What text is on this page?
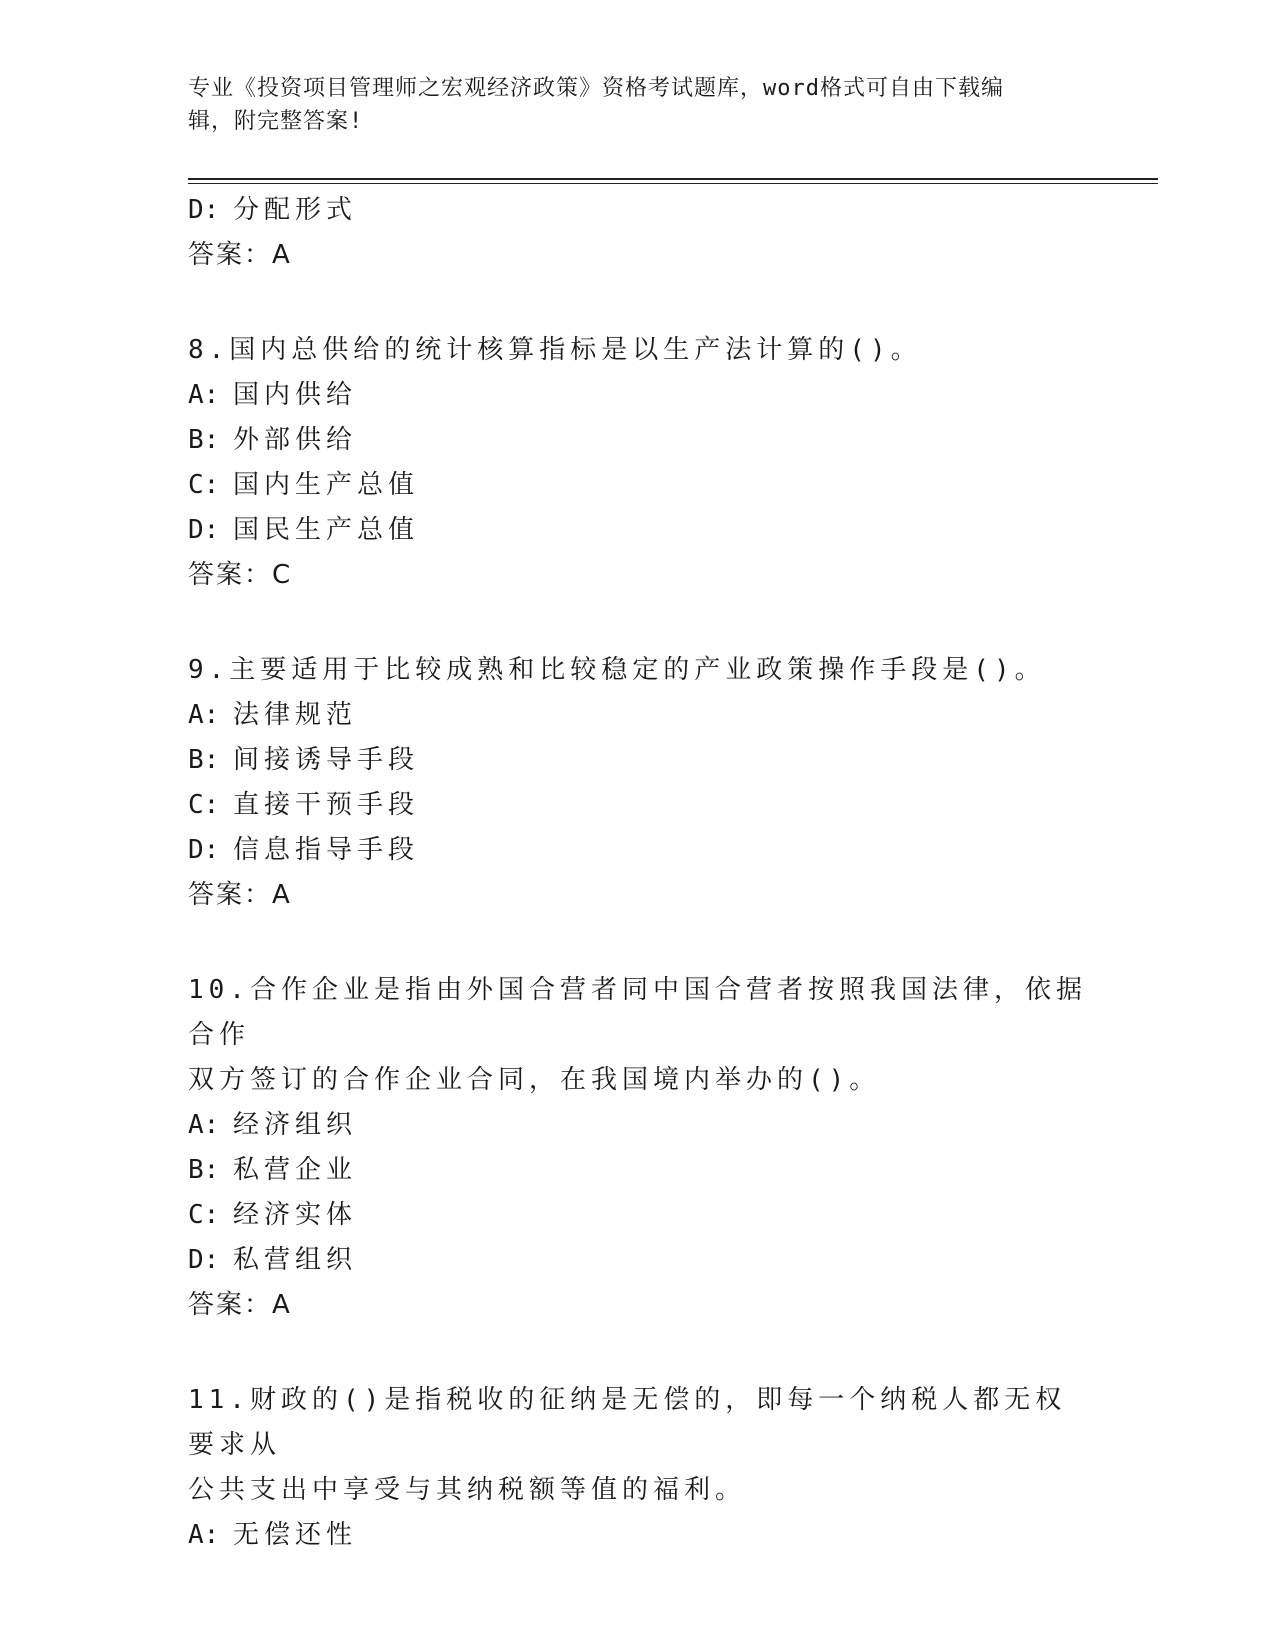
专业《投资项目管理师之宏观经济政策》资格考试题库，word格式可自由下载编
辑，附完整答案!
D: 分配形式
答案：A
8.国内总供给的统计核算指标是以生产法计算的()。
A: 国内供给
B: 外部供给
C: 国内生产总值
D: 国民生产总值
答案：C
9.主要适用于比较成熟和比较稳定的产业政策操作手段是()。
A: 法律规范
B: 间接诱导手段
C: 直接干预手段
D: 信息指导手段
答案：A
10.合作企业是指由外国合营者同中国合营者按照我国法律，依据合作
双方签订的合作企业合同，在我国境内举办的()。
A: 经济组织
B: 私营企业
C: 经济实体
D: 私营组织
答案：A
11.财政的()是指税收的征纳是无偿的，即每一个纳税人都无权要求从
公共支出中享受与其纳税额等值的福利。
A: 无偿还性
